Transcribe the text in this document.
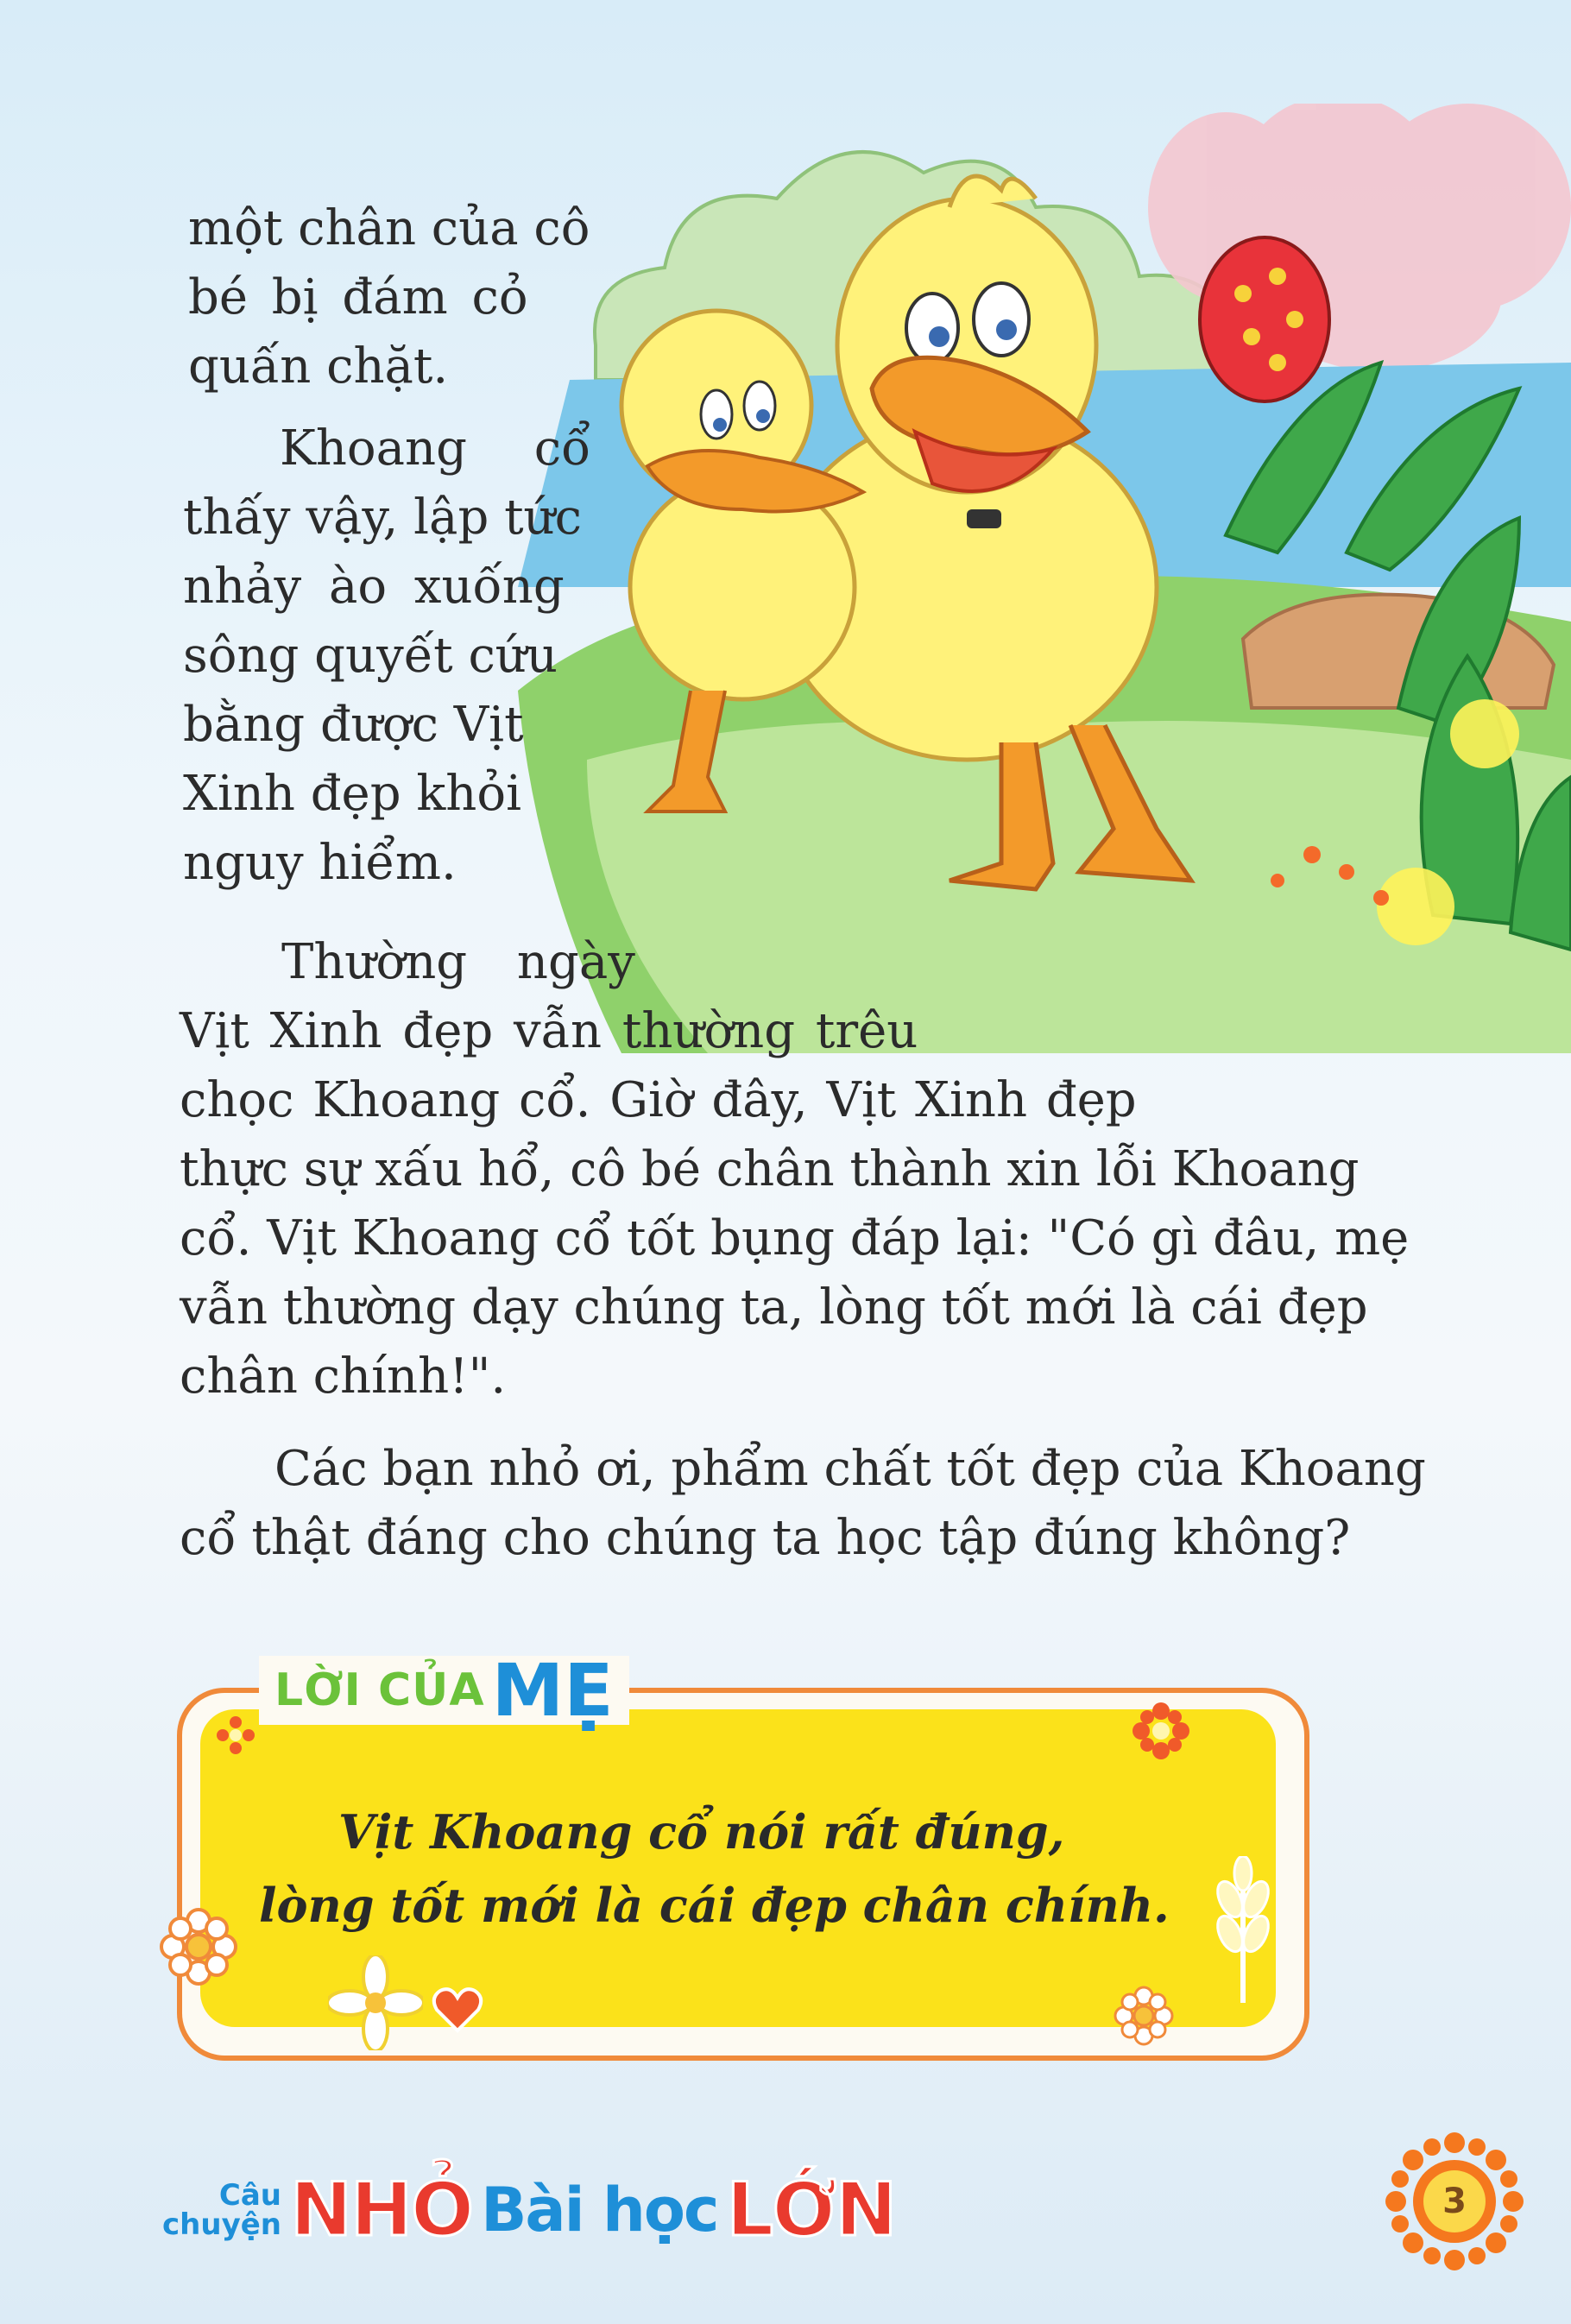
một chân của cô
bé bị đám cỏ
quấn chặt.
Khoang cổ
thấy vậy, lập tức
nhảy ào xuống
sông quyết cứu
bằng được Vịt
Xinh đẹp khỏi
nguy hiểm.
Thường ngày
Vịt Xinh đẹp vẫn thường trêu
chọc Khoang cổ. Giờ đây, Vịt Xinh đẹp
thực sự xấu hổ, cô bé chân thành xin lỗi Khoang
cổ. Vịt Khoang cổ tốt bụng đáp lại: "Có gì đâu, mẹ
vẫn thường dạy chúng ta, lòng tốt mới là cái đẹp
chân chính!".
Các bạn nhỏ ơi, phẩm chất tốt đẹp của Khoang
cổ thật đáng cho chúng ta học tập đúng không?
LỜI CỦA MẸ
Vịt Khoang cổ nói rất đúng, lòng tốt mới là cái đẹp chân chính.
Câu
chuyện NHỎ Bài học LỚN	3
